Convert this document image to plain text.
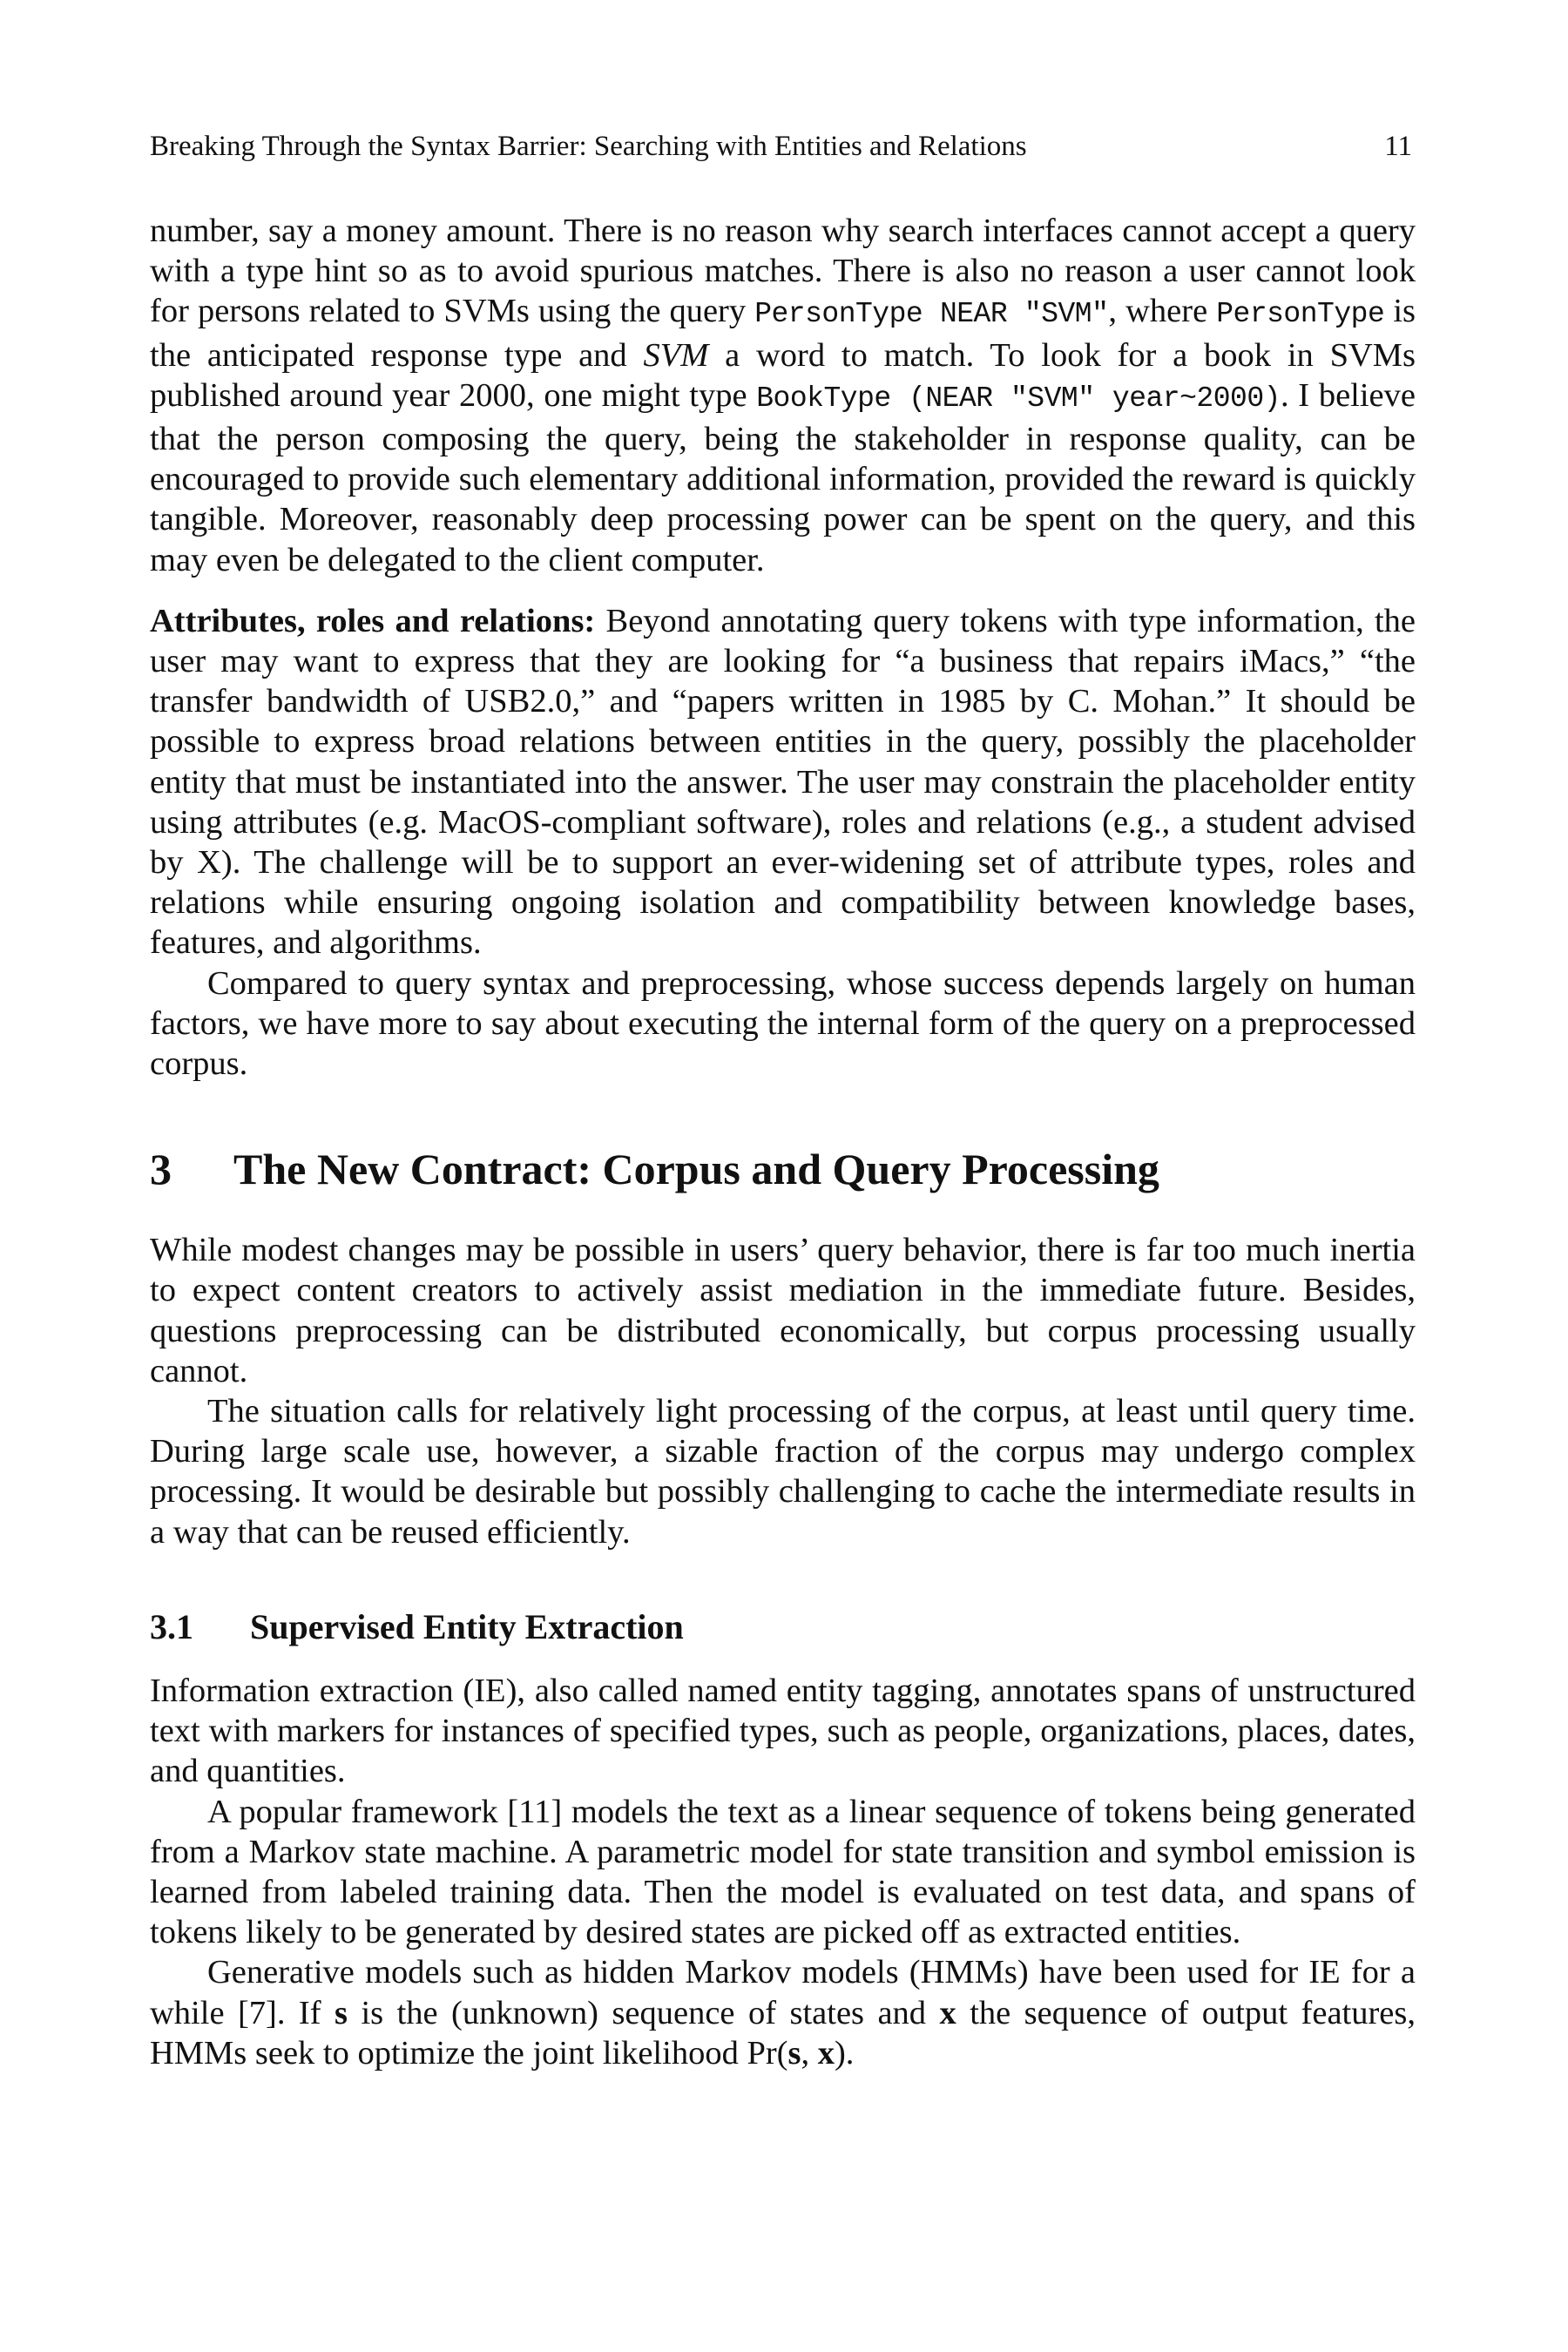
Breaking Through the Syntax Barrier: Searching with Entities and Relations	11

number, say a money amount. There is no reason why search interfaces cannot accept a query with a type hint so as to avoid spurious matches. There is also no reason a user cannot look for persons related to SVMs using the query PersonType NEAR "SVM", where PersonType is the anticipated response type and SVM a word to match. To look for a book in SVMs published around year 2000, one might type BookType (NEAR "SVM" year~2000). I believe that the person composing the query, being the stakeholder in response quality, can be encouraged to provide such elementary additional information, provided the reward is quickly tangible. Moreover, reasonably deep processing power can be spent on the query, and this may even be delegated to the client computer.

Attributes, roles and relations: Beyond annotating query tokens with type information, the user may want to express that they are looking for “a business that repairs iMacs,” “the transfer bandwidth of USB2.0,” and “papers written in 1985 by C. Mohan.” It should be possible to express broad relations between entities in the query, possibly the placeholder entity that must be instantiated into the answer. The user may constrain the placeholder entity using attributes (e.g. MacOS-compliant software), roles and relations (e.g., a student advised by X). The challenge will be to support an ever-widening set of attribute types, roles and relations while ensuring ongoing isolation and compatibility between knowledge bases, features, and algorithms.

Compared to query syntax and preprocessing, whose success depends largely on human factors, we have more to say about executing the internal form of the query on a preprocessed corpus.

3 The New Contract: Corpus and Query Processing

While modest changes may be possible in users’ query behavior, there is far too much inertia to expect content creators to actively assist mediation in the immediate future. Besides, questions preprocessing can be distributed economically, but corpus processing usually cannot.

The situation calls for relatively light processing of the corpus, at least until query time. During large scale use, however, a sizable fraction of the corpus may undergo complex processing. It would be desirable but possibly challenging to cache the intermediate results in a way that can be reused efficiently.

3.1 Supervised Entity Extraction

Information extraction (IE), also called named entity tagging, annotates spans of unstructured text with markers for instances of specified types, such as people, organizations, places, dates, and quantities.

A popular framework [11] models the text as a linear sequence of tokens being generated from a Markov state machine. A parametric model for state transition and symbol emission is learned from labeled training data. Then the model is evaluated on test data, and spans of tokens likely to be generated by desired states are picked off as extracted entities.

Generative models such as hidden Markov models (HMMs) have been used for IE for a while [7]. If s is the (unknown) sequence of states and x the sequence of output features, HMMs seek to optimize the joint likelihood Pr(s, x).
